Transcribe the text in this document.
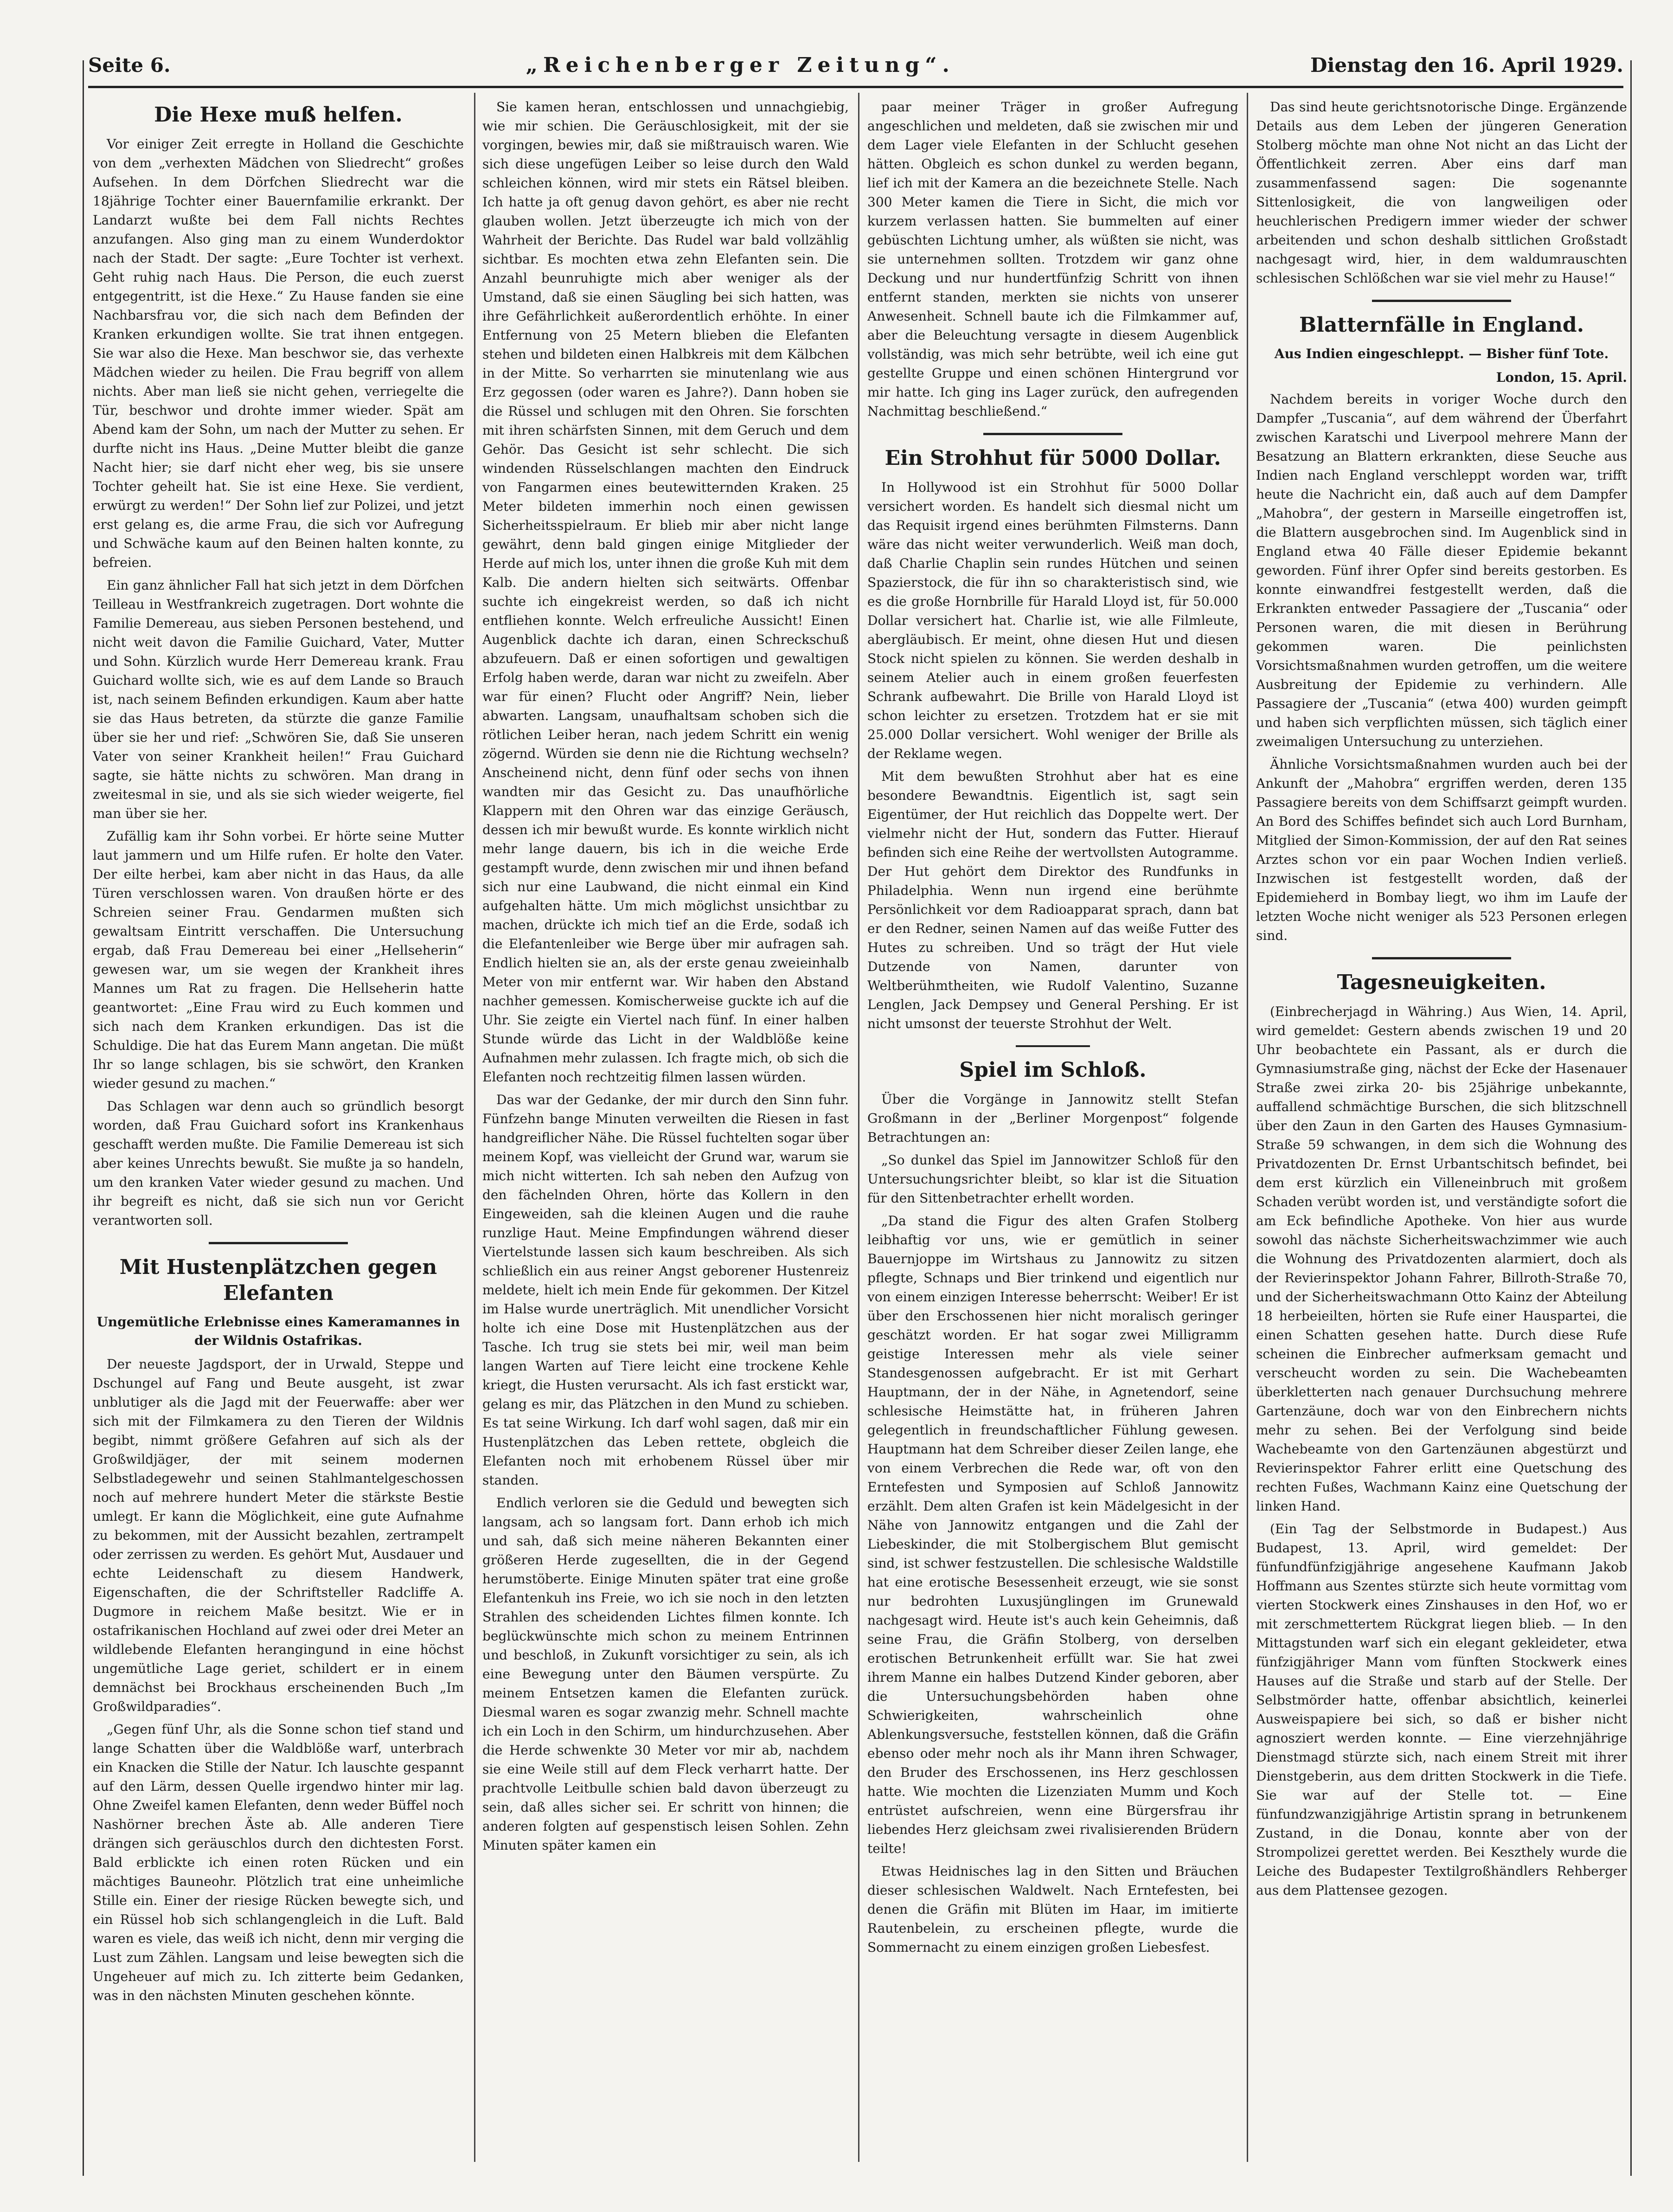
Seite 6.	„Reichenberger Zeitung“.	Dienstag den 16. April 1929.
Die Hexe muß helfen.

Vor einiger Zeit erregte in Holland die Geschichte von dem „verhexten Mädchen von Sliedrecht“ großes Aufsehen. In dem Dörfchen Sliedrecht war die 18jährige Tochter einer Bauernfamilie erkrankt. Der Landarzt wußte bei dem Fall nichts Rechtes anzufangen. Also ging man zu einem Wunderdoktor nach der Stadt. Der sagte: „Eure Tochter ist verhext. Geht ruhig nach Haus. Die Person, die euch zuerst entgegentritt, ist die Hexe.“ Zu Hause fanden sie eine Nachbarsfrau vor, die sich nach dem Befinden der Kranken erkundigen wollte. Sie trat ihnen entgegen. Sie war also die Hexe. Man beschwor sie, das verhexte Mädchen wieder zu heilen. Die Frau begriff von allem nichts. Aber man ließ sie nicht gehen, verriegelte die Tür, beschwor und drohte immer wieder. Spät am Abend kam der Sohn, um nach der Mutter zu sehen. Er durfte nicht ins Haus. „Deine Mutter bleibt die ganze Nacht hier; sie darf nicht eher weg, bis sie unsere Tochter geheilt hat. Sie ist eine Hexe. Sie verdient, erwürgt zu werden!“ Der Sohn lief zur Polizei, und jetzt erst gelang es, die arme Frau, die sich vor Aufregung und Schwäche kaum auf den Beinen halten konnte, zu befreien.

Ein ganz ähnlicher Fall hat sich jetzt in dem Dörfchen Teilleau in Westfrankreich zugetragen. Dort wohnte die Familie Demereau, aus sieben Personen bestehend, und nicht weit davon die Familie Guichard, Vater, Mutter und Sohn. Kürzlich wurde Herr Demereau krank. Frau Guichard wollte sich, wie es auf dem Lande so Brauch ist, nach seinem Befinden erkundigen. Kaum aber hatte sie das Haus betreten, da stürzte die ganze Familie über sie her und rief: „Schwören Sie, daß Sie unseren Vater von seiner Krankheit heilen!“ Frau Guichard sagte, sie hätte nichts zu schwören. Man drang in zweitesmal in sie, und als sie sich wieder weigerte, fiel man über sie her.

Zufällig kam ihr Sohn vorbei. Er hörte seine Mutter laut jammern und um Hilfe rufen. Er holte den Vater. Der eilte herbei, kam aber nicht in das Haus, da alle Türen verschlossen waren. Von draußen hörte er des Schreien seiner Frau. Gendarmen mußten sich gewaltsam Eintritt verschaffen. Die Untersuchung ergab, daß Frau Demereau bei einer „Hellseherin“ gewesen war, um sie wegen der Krankheit ihres Mannes um Rat zu fragen. Die Hellseherin hatte geantwortet: „Eine Frau wird zu Euch kommen und sich nach dem Kranken erkundigen. Das ist die Schuldige. Die hat das Eurem Mann angetan. Die müßt Ihr so lange schlagen, bis sie schwört, den Kranken wieder gesund zu machen.“

Das Schlagen war denn auch so gründlich besorgt worden, daß Frau Guichard sofort ins Krankenhaus geschafft werden mußte. Die Familie Demereau ist sich aber keines Unrechts bewußt. Sie mußte ja so handeln, um den kranken Vater wieder gesund zu machen. Und ihr begreift es nicht, daß sie sich nun vor Gericht verantworten soll.

Mit Hustenplätzchen gegen Elefanten
Ungemütliche Erlebnisse eines Kameramannes in der Wildnis Ostafrikas.

Der neueste Jagdsport, der in Urwald, Steppe und Dschungel auf Fang und Beute ausgeht, ist zwar unblutiger als die Jagd mit der Feuerwaffe: aber wer sich mit der Filmkamera zu den Tieren der Wildnis begibt, nimmt größere Gefahren auf sich als der Großwildjäger, der mit seinem modernen Selbstladegewehr und seinen Stahlmantelgeschossen noch auf mehrere hundert Meter die stärkste Bestie umlegt. Er kann die Möglichkeit, eine gute Aufnahme zu bekommen, mit der Aussicht bezahlen, zertrampelt oder zerrissen zu werden. Es gehört Mut, Ausdauer und echte Leidenschaft zu diesem Handwerk, Eigenschaften, die der Schriftsteller Radcliffe A. Dugmore in reichem Maße besitzt. Wie er in ostafrikanischen Hochland auf zwei oder drei Meter an wildlebende Elefanten herangingund in eine höchst ungemütliche Lage geriet, schildert er in einem demnächst bei Brockhaus erscheinenden Buch „Im Großwildparadies“.

„Gegen fünf Uhr, als die Sonne schon tief stand und lange Schatten über die Waldblöße warf, unterbrach ein Knacken die Stille der Natur. Ich lauschte gespannt auf den Lärm, dessen Quelle irgendwo hinter mir lag. Ohne Zweifel kamen Elefanten, denn weder Büffel noch Nashörner brechen Äste ab. Alle anderen Tiere drängen sich geräuschlos durch den dichtesten Forst. Bald erblickte ich einen roten Rücken und ein mächtiges Bauneohr. Plötzlich trat eine unheimliche Stille ein. Einer der riesige Rücken bewegte sich, und ein Rüssel hob sich schlangengleich in die Luft. Bald waren es viele, das weiß ich nicht, denn mir verging die Lust zum Zählen. Langsam und leise bewegten sich die Ungeheuer auf mich zu. Ich zitterte beim Gedanken, was in den nächsten Minuten geschehen könnte.

Sie kamen heran, entschlossen und unnachgiebig, wie mir schien. Die Geräuschlosigkeit, mit der sie vorgingen, bewies mir, daß sie mißtrauisch waren. Wie sich diese ungefügen Leiber so leise durch den Wald schleichen können, wird mir stets ein Rätsel bleiben. Ich hatte ja oft genug davon gehört, es aber nie recht glauben wollen. Jetzt überzeugte ich mich von der Wahrheit der Berichte. Das Rudel war bald vollzählig sichtbar. Es mochten etwa zehn Elefanten sein. Die Anzahl beunruhigte mich aber weniger als der Umstand, daß sie einen Säugling bei sich hatten, was ihre Gefährlichkeit außerordentlich erhöhte. In einer Entfernung von 25 Metern blieben die Elefanten stehen und bildeten einen Halbkreis mit dem Kälbchen in der Mitte. So verharrten sie minutenlang wie aus Erz gegossen (oder waren es Jahre?). Dann hoben sie die Rüssel und schlugen mit den Ohren. Sie forschten mit ihren schärfsten Sinnen, mit dem Geruch und dem Gehör. Das Gesicht ist sehr schlecht. Die sich windenden Rüsselschlangen machten den Eindruck von Fangarmen eines beutewitternden Kraken. 25 Meter bildeten immerhin noch einen gewissen Sicherheitsspielraum. Er blieb mir aber nicht lange gewährt, denn bald gingen einige Mitglieder der Herde auf mich los, unter ihnen die große Kuh mit dem Kalb. Die andern hielten sich seitwärts. Offenbar suchte ich eingekreist werden, so daß ich nicht entfliehen konnte. Welch erfreuliche Aussicht! Einen Augenblick dachte ich daran, einen Schreckschuß abzufeuern. Daß er einen sofortigen und gewaltigen Erfolg haben werde, daran war nicht zu zweifeln. Aber war für einen? Flucht oder Angriff? Nein, lieber abwarten. Langsam, unaufhaltsam schoben sich die rötlichen Leiber heran, nach jedem Schritt ein wenig zögernd. Würden sie denn nie die Richtung wechseln? Anscheinend nicht, denn fünf oder sechs von ihnen wandten mir das Gesicht zu. Das unaufhörliche Klappern mit den Ohren war das einzige Geräusch, dessen ich mir bewußt wurde. Es konnte wirklich nicht mehr lange dauern, bis ich in die weiche Erde gestampft wurde, denn zwischen mir und ihnen befand sich nur eine Laubwand, die nicht einmal ein Kind aufgehalten hätte. Um mich möglichst unsichtbar zu machen, drückte ich mich tief an die Erde, sodaß ich die Elefantenleiber wie Berge über mir aufragen sah. Endlich hielten sie an, als der erste genau zweieinhalb Meter von mir entfernt war. Wir haben den Abstand nachher gemessen. Komischerweise guckte ich auf die Uhr. Sie zeigte ein Viertel nach fünf. In einer halben Stunde würde das Licht in der Waldblöße keine Aufnahmen mehr zulassen. Ich fragte mich, ob sich die Elefanten noch rechtzeitig filmen lassen würden.

Das war der Gedanke, der mir durch den Sinn fuhr. Fünfzehn bange Minuten verweilten die Riesen in fast handgreiflicher Nähe. Die Rüssel fuchtelten sogar über meinem Kopf, was vielleicht der Grund war, warum sie mich nicht witterten. Ich sah neben den Aufzug von den fächelnden Ohren, hörte das Kollern in den Eingeweiden, sah die kleinen Augen und die rauhe runzlige Haut. Meine Empfindungen während dieser Viertelstunde lassen sich kaum beschreiben. Als sich schließlich ein aus reiner Angst geborener Hustenreiz meldete, hielt ich mein Ende für gekommen. Der Kitzel im Halse wurde unerträglich. Mit unendlicher Vorsicht holte ich eine Dose mit Hustenplätzchen aus der Tasche. Ich trug sie stets bei mir, weil man beim langen Warten auf Tiere leicht eine trockene Kehle kriegt, die Husten verursacht. Als ich fast erstickt war, gelang es mir, das Plätzchen in den Mund zu schieben. Es tat seine Wirkung. Ich darf wohl sagen, daß mir ein Hustenplätzchen das Leben rettete, obgleich die Elefanten noch mit erhobenem Rüssel über mir standen.

Endlich verloren sie die Geduld und bewegten sich langsam, ach so langsam fort. Dann erhob ich mich und sah, daß sich meine näheren Bekannten einer größeren Herde zugesellten, die in der Gegend herumstöberte. Einige Minuten später trat eine große Elefantenkuh ins Freie, wo ich sie noch in den letzten Strahlen des scheidenden Lichtes filmen konnte. Ich beglückwünschte mich schon zu meinem Entrinnen und beschloß, in Zukunft vorsichtiger zu sein, als ich eine Bewegung unter den Bäumen verspürte. Zu meinem Entsetzen kamen die Elefanten zurück. Diesmal waren es sogar zwanzig mehr. Schnell machte ich ein Loch in den Schirm, um hindurchzusehen. Aber die Herde schwenkte 30 Meter vor mir ab, nachdem sie eine Weile still auf dem Fleck verharrt hatte. Der prachtvolle Leitbulle schien bald davon überzeugt zu sein, daß alles sicher sei. Er schritt von hinnen; die anderen folgten auf gespenstisch leisen Sohlen. Zehn Minuten später kamen ein

paar meiner Träger in großer Aufregung angeschlichen und meldeten, daß sie zwischen mir und dem Lager viele Elefanten in der Schlucht gesehen hätten. Obgleich es schon dunkel zu werden begann, lief ich mit der Kamera an die bezeichnete Stelle. Nach 300 Meter kamen die Tiere in Sicht, die mich vor kurzem verlassen hatten. Sie bummelten auf einer gebüschten Lichtung umher, als wüßten sie nicht, was sie unternehmen sollten. Trotzdem wir ganz ohne Deckung und nur hundertfünfzig Schritt von ihnen entfernt standen, merkten sie nichts von unserer Anwesenheit. Schnell baute ich die Filmkammer auf, aber die Beleuchtung versagte in diesem Augenblick vollständig, was mich sehr betrübte, weil ich eine gut gestellte Gruppe und einen schönen Hintergrund vor mir hatte. Ich ging ins Lager zurück, den aufregenden Nachmittag beschließend.“

Ein Strohhut für 5000 Dollar.

In Hollywood ist ein Strohhut für 5000 Dollar versichert worden. Es handelt sich diesmal nicht um das Requisit irgend eines berühmten Filmsterns. Dann wäre das nicht weiter verwunderlich. Weiß man doch, daß Charlie Chaplin sein rundes Hütchen und seinen Spazierstock, die für ihn so charakteristisch sind, wie es die große Hornbrille für Harald Lloyd ist, für 50.000 Dollar versichert hat. Charlie ist, wie alle Filmleute, abergläubisch. Er meint, ohne diesen Hut und diesen Stock nicht spielen zu können. Sie werden deshalb in seinem Atelier auch in einem großen feuerfesten Schrank aufbewahrt. Die Brille von Harald Lloyd ist schon leichter zu ersetzen. Trotzdem hat er sie mit 25.000 Dollar versichert. Wohl weniger der Brille als der Reklame wegen.

Mit dem bewußten Strohhut aber hat es eine besondere Bewandtnis. Eigentlich ist, sagt sein Eigentümer, der Hut reichlich das Doppelte wert. Der vielmehr nicht der Hut, sondern das Futter. Hierauf befinden sich eine Reihe der wertvollsten Autogramme. Der Hut gehört dem Direktor des Rundfunks in Philadelphia. Wenn nun irgend eine berühmte Persönlichkeit vor dem Radioapparat sprach, dann bat er den Redner, seinen Namen auf das weiße Futter des Hutes zu schreiben. Und so trägt der Hut viele Dutzende von Namen, darunter von Weltberühmtheiten, wie Rudolf Valentino, Suzanne Lenglen, Jack Dempsey und General Pershing. Er ist nicht umsonst der teuerste Strohhut der Welt.

Spiel im Schloß.

Über die Vorgänge in Jannowitz stellt Stefan Großmann in der „Berliner Morgenpost“ folgende Betrachtungen an:

„So dunkel das Spiel im Jannowitzer Schloß für den Untersuchungsrichter bleibt, so klar ist die Situation für den Sittenbetrachter erhellt worden.

„Da stand die Figur des alten Grafen Stolberg leibhaftig vor uns, wie er gemütlich in seiner Bauernjoppe im Wirtshaus zu Jannowitz zu sitzen pflegte, Schnaps und Bier trinkend und eigentlich nur von einem einzigen Interesse beherrscht: Weiber! Er ist über den Erschossenen hier nicht moralisch geringer geschätzt worden. Er hat sogar zwei Milligramm geistige Interessen mehr als viele seiner Standesgenossen aufgebracht. Er ist mit Gerhart Hauptmann, der in der Nähe, in Agnetendorf, seine schlesische Heimstätte hat, in früheren Jahren gelegentlich in freundschaftlicher Fühlung gewesen. Hauptmann hat dem Schreiber dieser Zeilen lange, ehe von einem Verbrechen die Rede war, oft von den Erntefesten und Symposien auf Schloß Jannowitz erzählt. Dem alten Grafen ist kein Mädelgesicht in der Nähe von Jannowitz entgangen und die Zahl der Liebeskinder, die mit Stolbergischem Blut gemischt sind, ist schwer festzustellen. Die schlesische Waldstille hat eine erotische Besessenheit erzeugt, wie sie sonst nur bedrohten Luxusjünglingen im Grunewald nachgesagt wird. Heute ist's auch kein Geheimnis, daß seine Frau, die Gräfin Stolberg, von derselben erotischen Betrunkenheit erfüllt war. Sie hat zwei ihrem Manne ein halbes Dutzend Kinder geboren, aber die Untersuchungsbehörden haben ohne Schwierigkeiten, wahrscheinlich ohne Ablenkungsversuche, feststellen können, daß die Gräfin ebenso oder mehr noch als ihr Mann ihren Schwager, den Bruder des Erschossenen, ins Herz geschlossen hatte. Wie mochten die Lizenziaten Mumm und Koch entrüstet aufschreien, wenn eine Bürgersfrau ihr liebendes Herz gleichsam zwei rivalisierenden Brüdern teilte!

Etwas Heidnisches lag in den Sitten und Bräuchen dieser schlesischen Waldwelt. Nach Erntefesten, bei denen die Gräfin mit Blüten im Haar, im imitierte Rautenbelein, zu erscheinen pflegte, wurde die Sommernacht zu einem einzigen großen Liebesfest.

Das sind heute gerichtsnotorische Dinge. Ergänzende Details aus dem Leben der jüngeren Generation Stolberg möchte man ohne Not nicht an das Licht der Öffentlichkeit zerren. Aber eins darf man zusammenfassend sagen: Die sogenannte Sittenlosigkeit, die von langweiligen oder heuchlerischen Predigern immer wieder der schwer arbeitenden und schon deshalb sittlichen Großstadt nachgesagt wird, hier, in dem waldumrauschten schlesischen Schlößchen war sie viel mehr zu Hause!“

Blatternfälle in England.
Aus Indien eingeschleppt. — Bisher fünf Tote.
London, 15. April.

Nachdem bereits in voriger Woche durch den Dampfer „Tuscania“, auf dem während der Überfahrt zwischen Karatschi und Liverpool mehrere Mann der Besatzung an Blattern erkrankten, diese Seuche aus Indien nach England verschleppt worden war, trifft heute die Nachricht ein, daß auch auf dem Dampfer „Mahobra“, der gestern in Marseille eingetroffen ist, die Blattern ausgebrochen sind. Im Augenblick sind in England etwa 40 Fälle dieser Epidemie bekannt geworden. Fünf ihrer Opfer sind bereits gestorben. Es konnte einwandfrei festgestellt werden, daß die Erkrankten entweder Passagiere der „Tuscania“ oder Personen waren, die mit diesen in Berührung gekommen waren. Die peinlichsten Vorsichtsmaßnahmen wurden getroffen, um die weitere Ausbreitung der Epidemie zu verhindern. Alle Passagiere der „Tuscania“ (etwa 400) wurden geimpft und haben sich verpflichten müssen, sich täglich einer zweimaligen Untersuchung zu unterziehen.

Ähnliche Vorsichtsmaßnahmen wurden auch bei der Ankunft der „Mahobra“ ergriffen werden, deren 135 Passagiere bereits von dem Schiffsarzt geimpft wurden. An Bord des Schiffes befindet sich auch Lord Burnham, Mitglied der Simon-Kommission, der auf den Rat seines Arztes schon vor ein paar Wochen Indien verließ. Inzwischen ist festgestellt worden, daß der Epidemieherd in Bombay liegt, wo ihm im Laufe der letzten Woche nicht weniger als 523 Personen erlegen sind.

Tagesneuigkeiten.

(Einbrecherjagd in Währing.) Aus Wien, 14. April, wird gemeldet: Gestern abends zwischen 19 und 20 Uhr beobachtete ein Passant, als er durch die Gymnasiumstraße ging, nächst der Ecke der Hasenauer Straße zwei zirka 20- bis 25jährige unbekannte, auffallend schmächtige Burschen, die sich blitzschnell über den Zaun in den Garten des Hauses Gymnasium-Straße 59 schwangen, in dem sich die Wohnung des Privatdozenten Dr. Ernst Urbantschitsch befindet, bei dem erst kürzlich ein Villeneinbruch mit großem Schaden verübt worden ist, und verständigte sofort die am Eck befindliche Apotheke. Von hier aus wurde sowohl das nächste Sicherheitswachzimmer wie auch die Wohnung des Privatdozenten alarmiert, doch als der Revierinspektor Johann Fahrer, Billroth-Straße 70, und der Sicherheitswachmann Otto Kainz der Abteilung 18 herbeieilten, hörten sie Rufe einer Hauspartei, die einen Schatten gesehen hatte. Durch diese Rufe scheinen die Einbrecher aufmerksam gemacht und verscheucht worden zu sein. Die Wachebeamten überkletterten nach genauer Durchsuchung mehrere Gartenzäune, doch war von den Einbrechern nichts mehr zu sehen. Bei der Verfolgung sind beide Wachebeamte von den Gartenzäunen abgestürzt und Revierinspektor Fahrer erlitt eine Quetschung des rechten Fußes, Wachmann Kainz eine Quetschung der linken Hand.

(Ein Tag der Selbstmorde in Budapest.) Aus Budapest, 13. April, wird gemeldet: Der fünfundfünfzigjährige angesehene Kaufmann Jakob Hoffmann aus Szentes stürzte sich heute vormittag vom vierten Stockwerk eines Zinshauses in den Hof, wo er mit zerschmettertem Rückgrat liegen blieb. — In den Mittagstunden warf sich ein elegant gekleideter, etwa fünfzigjähriger Mann vom fünften Stockwerk eines Hauses auf die Straße und starb auf der Stelle. Der Selbstmörder hatte, offenbar absichtlich, keinerlei Ausweispapiere bei sich, so daß er bisher nicht agnosziert werden konnte. — Eine vierzehnjährige Dienstmagd stürzte sich, nach einem Streit mit ihrer Dienstgeberin, aus dem dritten Stockwerk in die Tiefe. Sie war auf der Stelle tot. — Eine fünfundzwanzigjährige Artistin sprang in betrunkenem Zustand, in die Donau, konnte aber von der Strompolizei gerettet werden. Bei Keszthely wurde die Leiche des Budapester Textilgroßhändlers Rehberger aus dem Plattensee gezogen.
